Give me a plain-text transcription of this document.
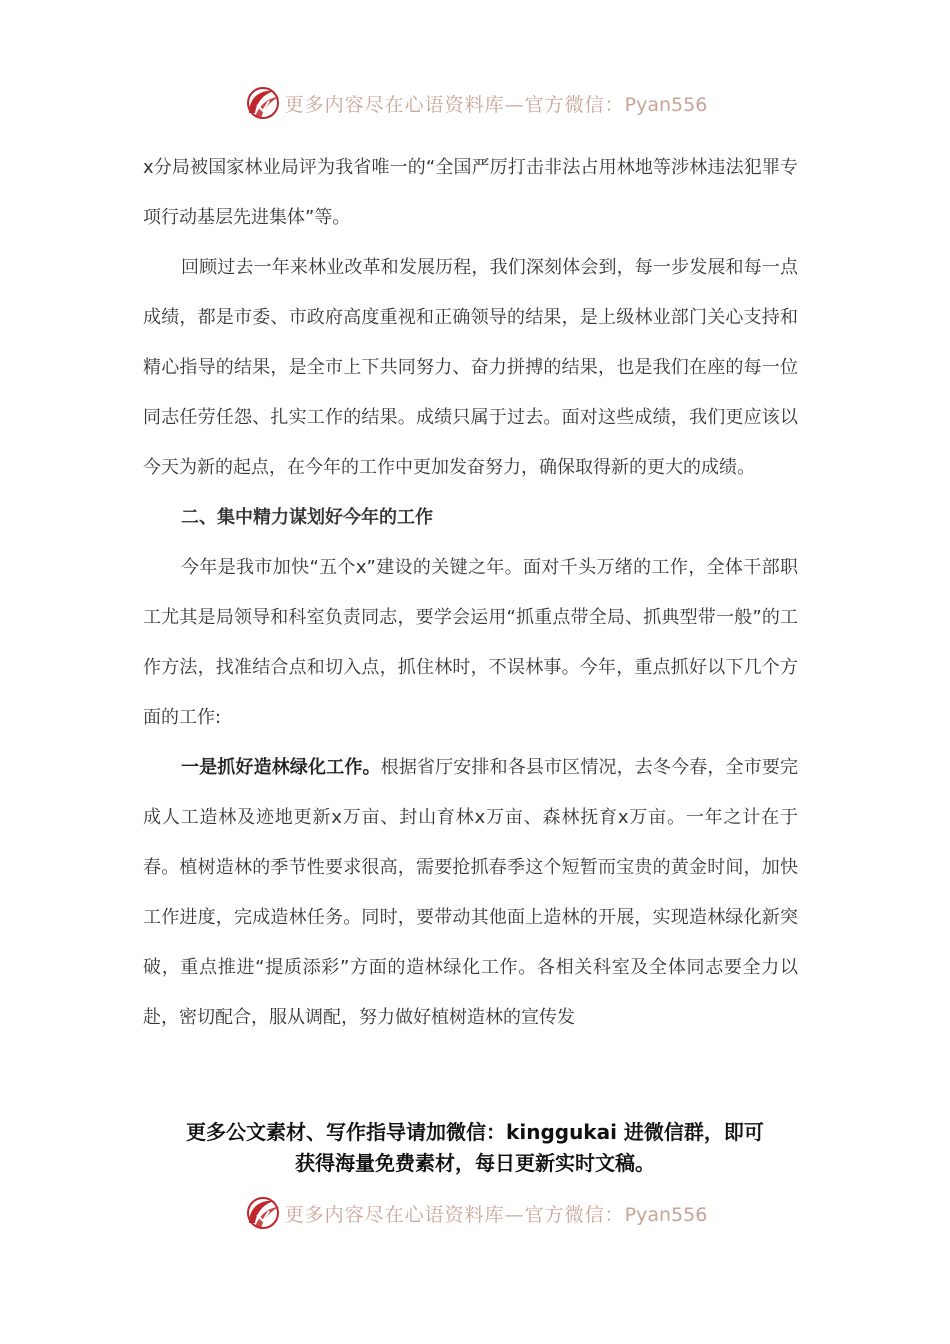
更多内容尽在心语资料库—官方微信：Pyan556

x分局被国家林业局评为我省唯一的“全国严厉打击非法占用林地等涉林违法犯罪专项行动基层先进集体”等。

回顾过去一年来林业改革和发展历程，我们深刻体会到，每一步发展和每一点成绩，都是市委、市政府高度重视和正确领导的结果，是上级林业部门关心支持和精心指导的结果，是全市上下共同努力、奋力拼搏的结果，也是我们在座的每一位同志任劳任怨、扎实工作的结果。成绩只属于过去。面对这些成绩，我们更应该以今天为新的起点，在今年的工作中更加发奋努力，确保取得新的更大的成绩。

二、集中精力谋划好今年的工作

今年是我市加快“五个x”建设的关键之年。面对千头万绪的工作，全体干部职工尤其是局领导和科室负责同志，要学会运用“抓重点带全局、抓典型带一般”的工作方法，找准结合点和切入点，抓住林时，不误林事。今年，重点抓好以下几个方面的工作:

一是抓好造林绿化工作。根据省厅安排和各县市区情况，去冬今春，全市要完成人工造林及迹地更新x万亩、封山育林x万亩、森林抚育x万亩。一年之计在于春。植树造林的季节性要求很高，需要抢抓春季这个短暂而宝贵的黄金时间，加快工作进度，完成造林任务。同时，要带动其他面上造林的开展，实现造林绿化新突破，重点推进“提质添彩”方面的造林绿化工作。各相关科室及全体同志要全力以赴，密切配合，服从调配，努力做好植树造林的宣传发

更多公文素材、写作指导请加微信：kinggukai 进微信群，即可
获得海量免费素材，每日更新实时文稿。
更多内容尽在心语资料库—官方微信：Pyan556
